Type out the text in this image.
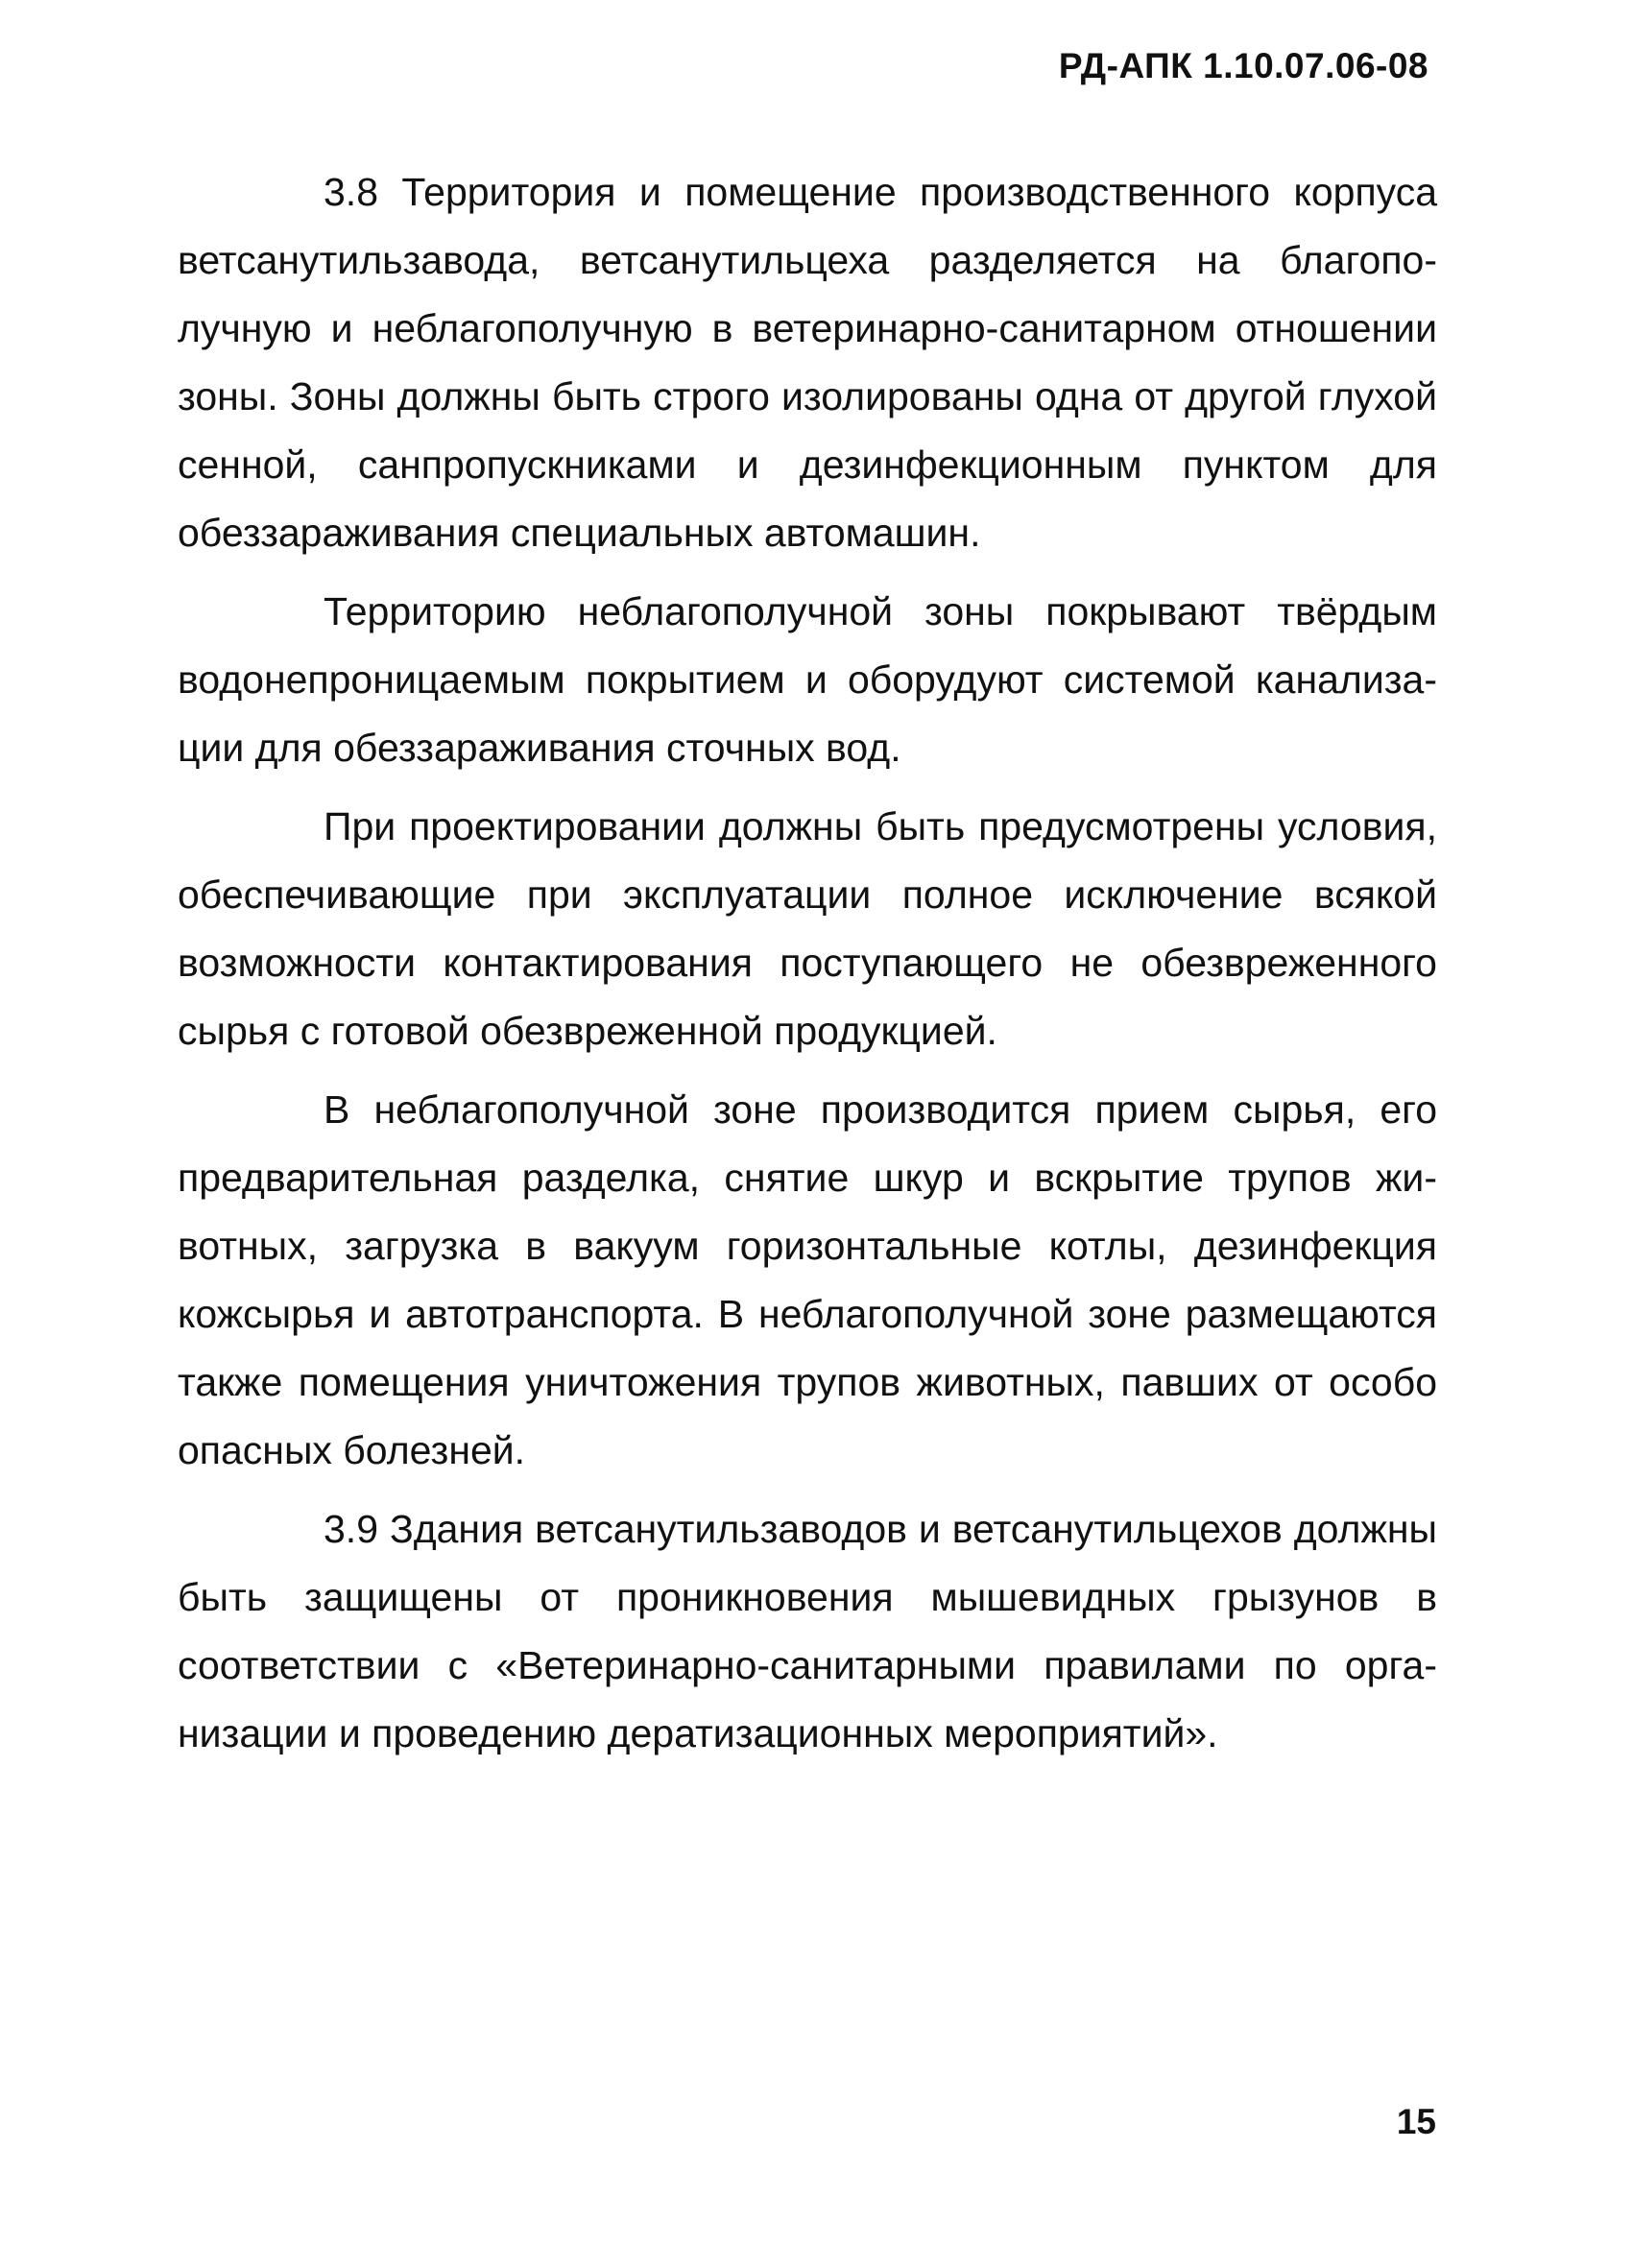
РД-АПК 1.10.07.06-08

3.8 Территория и помещение производственного корпуса ветсанутильзавода, ветсанутильцеха разделяется на благополучную и неблагополучную в ветеринарно-санитарном отношении зоны. Зоны должны быть строго изолированы одна от другой глухой сенной, санпропускниками и дезинфекционным пунктом для обеззараживания специальных автомашин.

Территорию неблагополучной зоны покрывают твёрдым водонепроницаемым покрытием и оборудуют системой канализации для обеззараживания сточных вод.

При проектировании должны быть предусмотрены условия, обеспечивающие при эксплуатации полное исключение всякой возможности контактирования поступающего не обезвреженного сырья с готовой обезвреженной продукцией.

В неблагополучной зоне производится прием сырья, его предварительная разделка, снятие шкур и вскрытие трупов животных, загрузка в вакуум горизонтальные котлы, дезинфекция кожсырья и автотранспорта. В неблагополучной зоне размещаются также помещения уничтожения трупов животных, павших от особо опасных болезней.

3.9 Здания ветсанутильзаводов и ветсанутильцехов должны быть защищены от проникновения мышевидных грызунов в соответствии с «Ветеринарно-санитарными правилами по организации и проведению дератизационных мероприятий».

15
